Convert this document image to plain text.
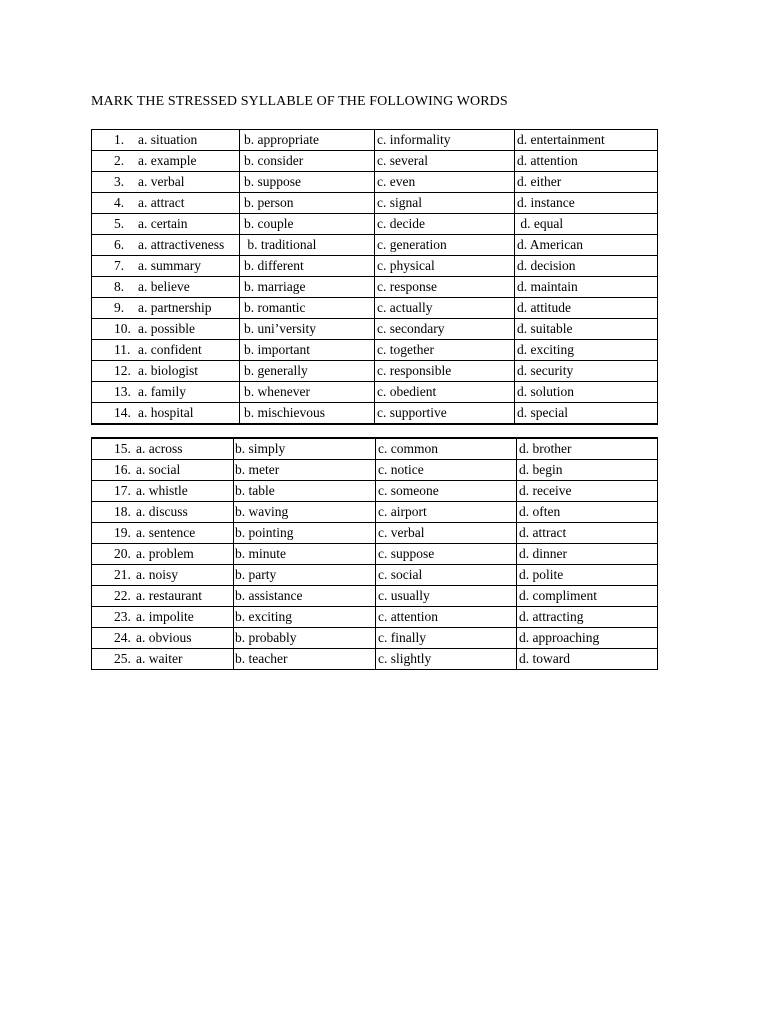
MARK THE STRESSED SYLLABLE OF THE FOLLOWING WORDS
1. a. situation	b. appropriate	c. informality	d. entertainment
2. a. example	b. consider	c. several	d. attention
3. a. verbal	b. suppose	c. even	d. either
4. a. attract	b. person	c. signal	d. instance
5. a. certain	b. couple	c. decide	d. equal
6. a. attractiveness	b. traditional	c. generation	d. American
7. a. summary	b. different	c. physical	d. decision
8. a. believe	b. marriage	c. response	d. maintain
9. a. partnership	b. romantic	c. actually	d. attitude
10. a. possible	b. uni’versity	c. secondary	d. suitable
11. a. confident	b. important	c. together	d. exciting
12. a. biologist	b. generally	c. responsible	d. security
13. a. family	b. whenever	c. obedient	d. solution
14. a. hospital	b. mischievous	c. supportive	d. special
15. a. across	b. simply	c. common	d. brother
16. a. social	b. meter	c. notice	d. begin
17. a. whistle	b. table	c. someone	d. receive
18. a. discuss	b. waving	c. airport	d. often
19. a. sentence	b. pointing	c. verbal	d. attract
20. a. problem	b. minute	c. suppose	d. dinner
21. a. noisy	b. party	c. social	d. polite
22. a. restaurant	b. assistance	c. usually	d. compliment
23. a. impolite	b. exciting	c. attention	d. attracting
24. a. obvious	b. probably	c. finally	d. approaching
25. a. waiter	b. teacher	c. slightly	d. toward
